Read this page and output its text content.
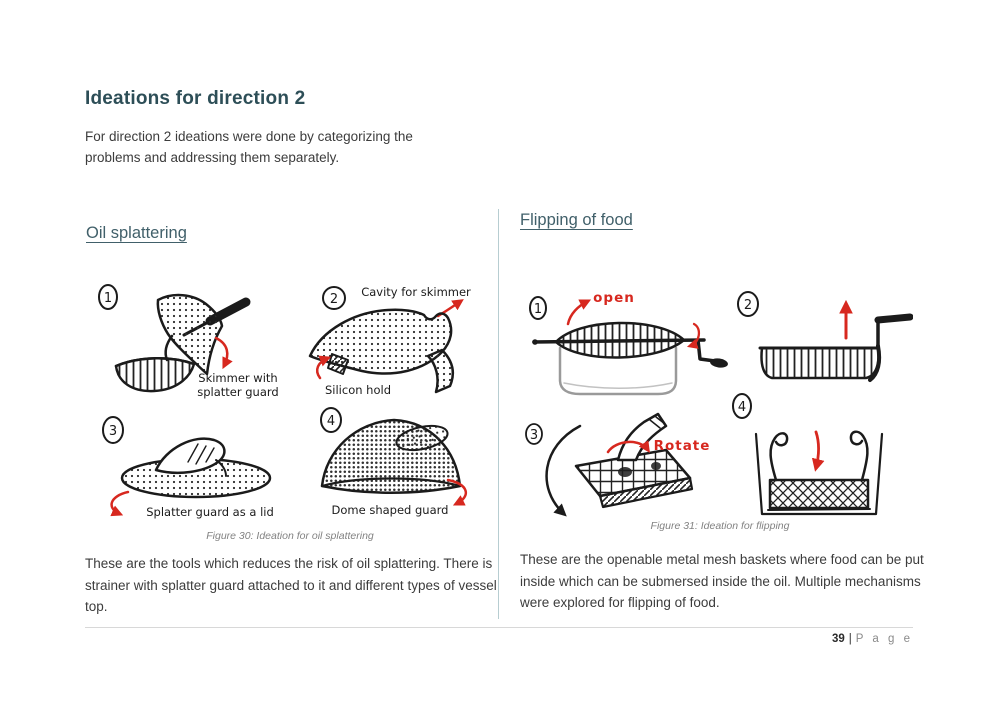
Ideations for direction 2
For direction 2 ideations were done by categorizing the problems and addressing them separately.
Oil splattering
Flipping of food
1
Skimmer with
splatter guard
2 Cavity for skimmer
Silicon hold
3
Splatter guard as a lid
4
Dome shaped guard
Figure 30: Ideation for oil splattering
These are the tools which reduces the risk of oil splattering. There is strainer with splatter guard attached to it and different types of vessel top.
1
open	2
3
Rotate
4
Figure 31: Ideation for flipping
These are the openable metal mesh baskets where food can be put inside which can be submersed inside the oil. Multiple mechanisms were explored for flipping of food.
39 | P a g e
